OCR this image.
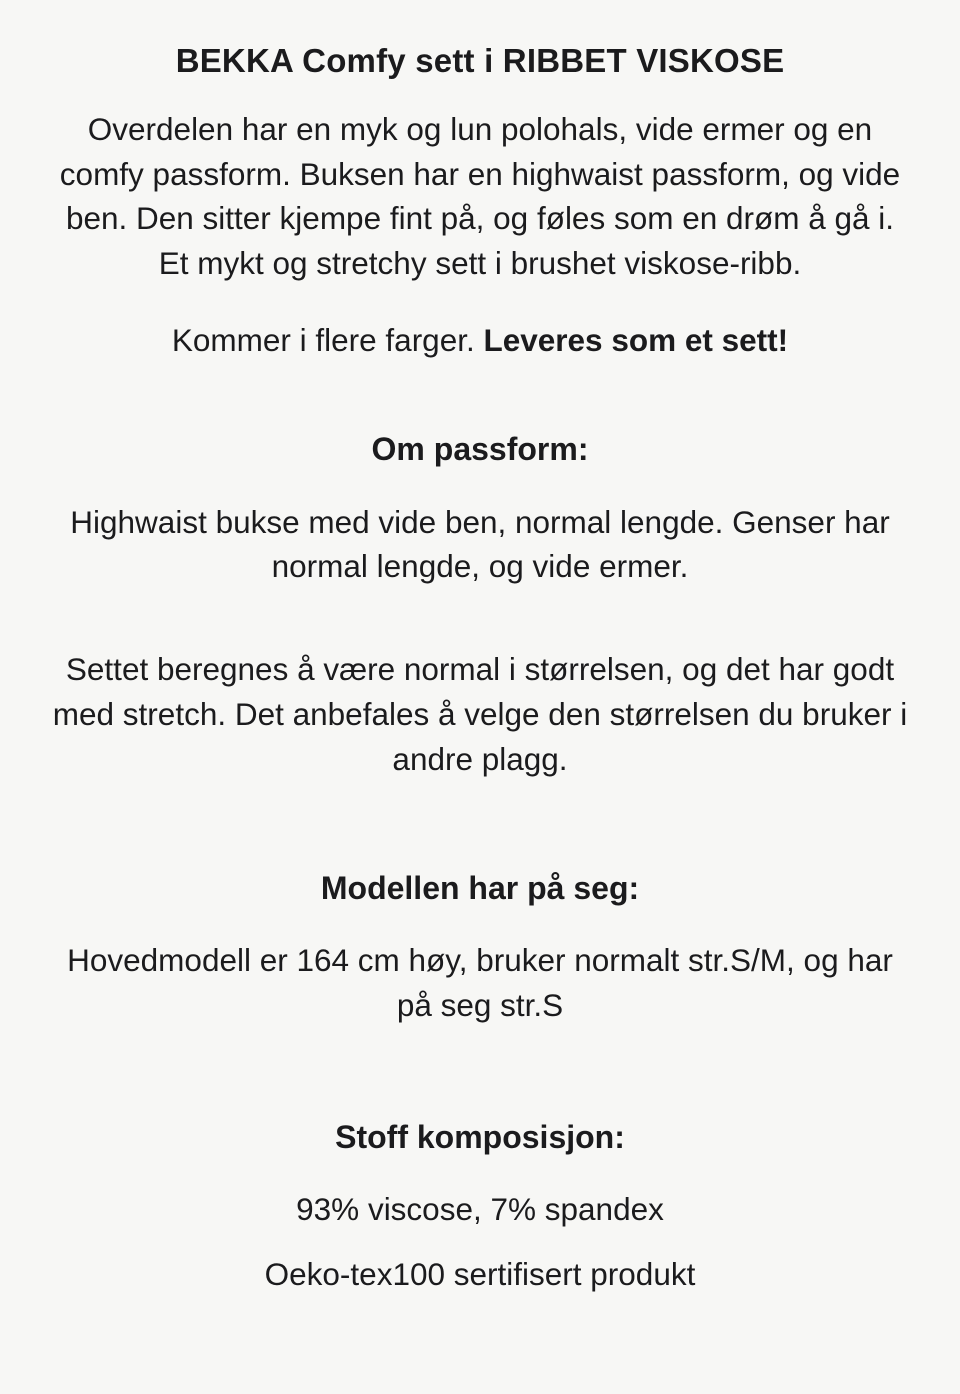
BEKKA Comfy sett i RIBBET VISKOSE

Overdelen har en myk og lun polohals, vide ermer og en comfy passform. Buksen har en highwaist passform, og vide ben. Den sitter kjempe fint på, og føles som en drøm å gå i. Et mykt og stretchy sett i brushet viskose-ribb.

Kommer i flere farger. Leveres som et sett!

Om passform:

Highwaist bukse med vide ben, normal lengde. Genser har normal lengde, og vide ermer.

Settet beregnes å være normal i størrelsen, og det har godt med stretch. Det anbefales å velge den størrelsen du bruker i andre plagg.

Modellen har på seg:

Hovedmodell er 164 cm høy, bruker normalt str.S/M, og har på seg str.S

Stoff komposisjon:

93% viscose, 7% spandex

Oeko-tex100 sertifisert produkt
